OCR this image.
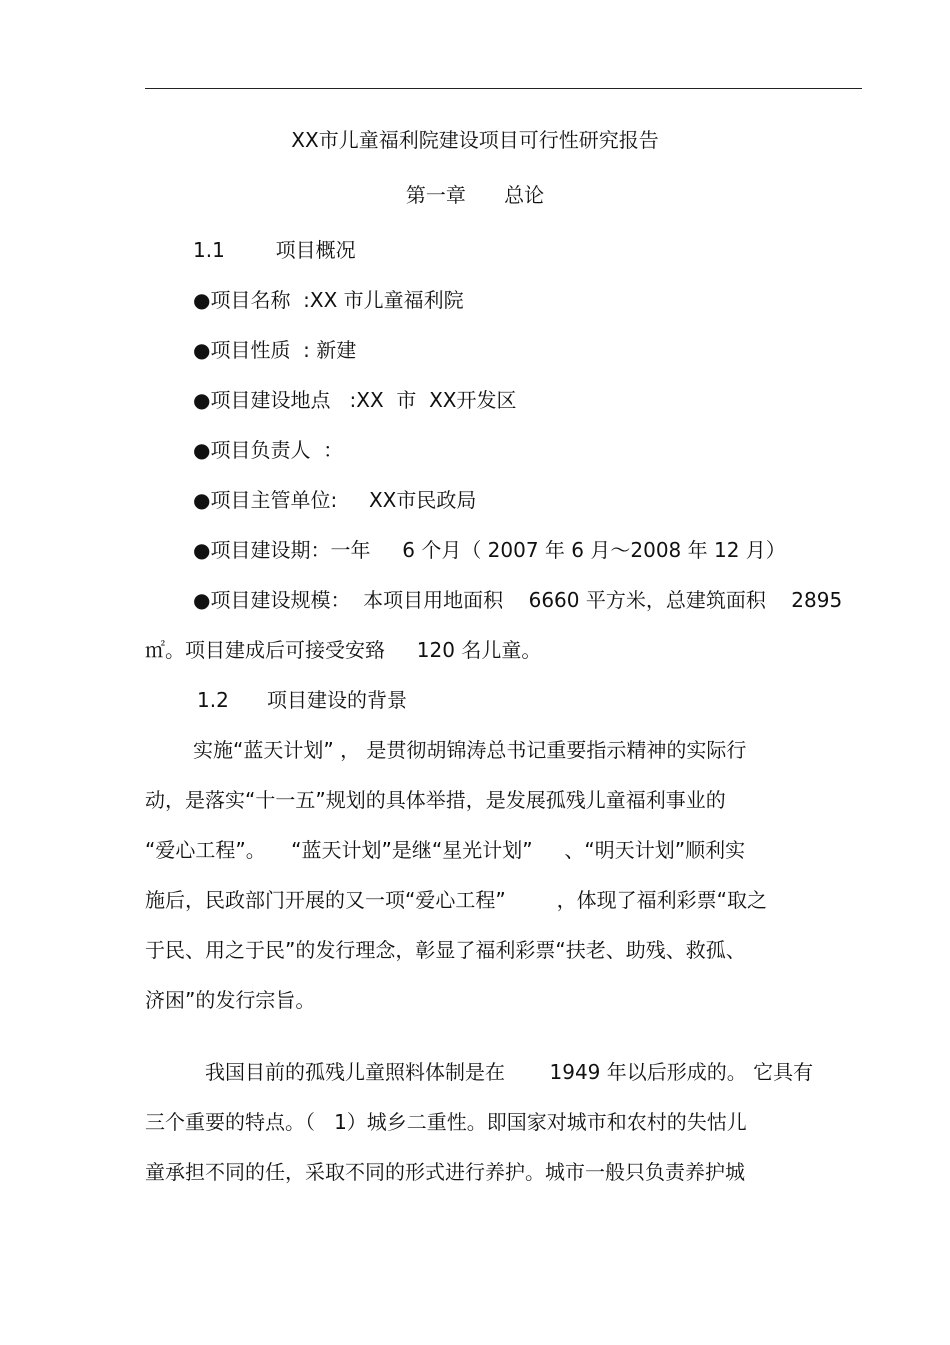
XX市儿童福利院建设项目可行性研究报告
第一章      总论
1.1        项目概况
●项目名称  :XX 市儿童福利院
●项目性质  : 新建
●项目建设地点   :XX  市  XX开发区
●项目负责人  ：
●项目主管单位:     XX市民政局
●项目建设期：一年     6 个月（ 2007 年 6 月～2008 年 12 月）
●项目建设规模：  本项目用地面积    6660 平方米，总建筑面积    2895
㎡。项目建成后可接受安臵     120 名儿童。
1.2      项目建设的背景
实施“蓝天计划” ， 是贯彻胡锦涛总书记重要指示精神的实际行
动，是落实“十一五”规划的具体举措，是发展孤残儿童福利事业的
“爱心工程”。    “蓝天计划”是继“星光计划”     、“明天计划”顺利实
施后，民政部门开展的又一项“爱心工程”        ，体现了福利彩票“取之
于民、用之于民”的发行理念，彰显了福利彩票“扶老、助残、救孤、
济困”的发行宗旨。
我国目前的孤残儿童照料体制是在       1949 年以后形成的。 它具有
三个重要的特点。（   1）城乡二重性。即国家对城市和农村的失怙儿
童承担不同的任，采取不同的形式进行养护。城市一般只负责养护城
